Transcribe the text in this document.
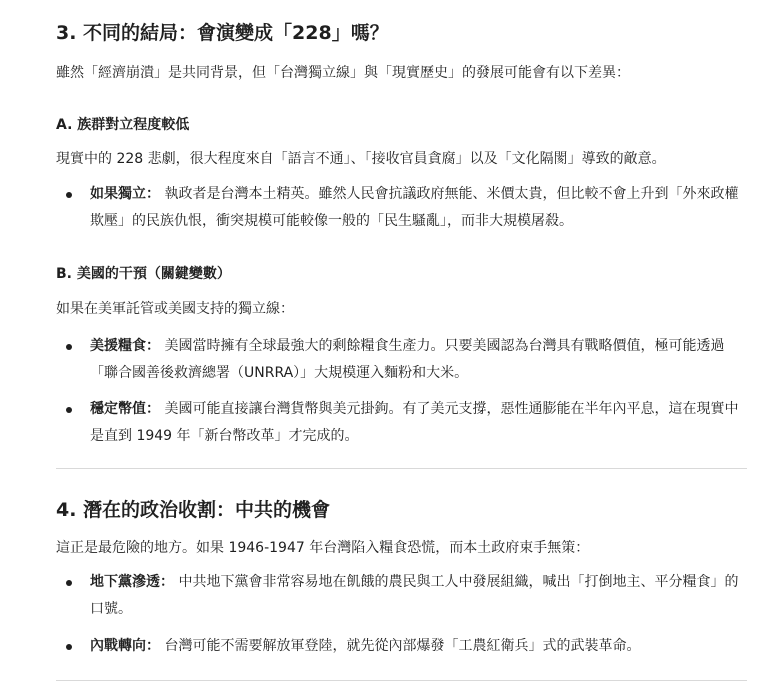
3. 不同的結局：會演變成「228」嗎？

雖然「經濟崩潰」是共同背景，但「台灣獨立線」與「現實歷史」的發展可能會有以下差異：

A. 族群對立程度較低

現實中的 228 悲劇，很大程度來自「語言不通」、「接收官員貪腐」以及「文化隔閡」導致的敵意。

如果獨立： 執政者是台灣本土精英。雖然人民會抗議政府無能、米價太貴，但比較不會上升到「外來政權欺壓」的民族仇恨，衝突規模可能較像一般的「民生騷亂」，而非大規模屠殺。
B. 美國的干預（關鍵變數）

如果在美軍託管或美國支持的獨立線：

美援糧食： 美國當時擁有全球最強大的剩餘糧食生產力。只要美國認為台灣具有戰略價值，極可能透過「聯合國善後救濟總署（UNRRA）」大規模運入麵粉和大米。
穩定幣值： 美國可能直接讓台灣貨幣與美元掛鉤。有了美元支撐，惡性通膨能在半年內平息，這在現實中是直到 1949 年「新台幣改革」才完成的。
4. 潛在的政治收割：中共的機會

這正是最危險的地方。如果 1946-1947 年台灣陷入糧食恐慌，而本土政府束手無策：

地下黨滲透： 中共地下黨會非常容易地在飢餓的農民與工人中發展組織，喊出「打倒地主、平分糧食」的口號。
內戰轉向： 台灣可能不需要解放軍登陸，就先從內部爆發「工農紅衛兵」式的武裝革命。
